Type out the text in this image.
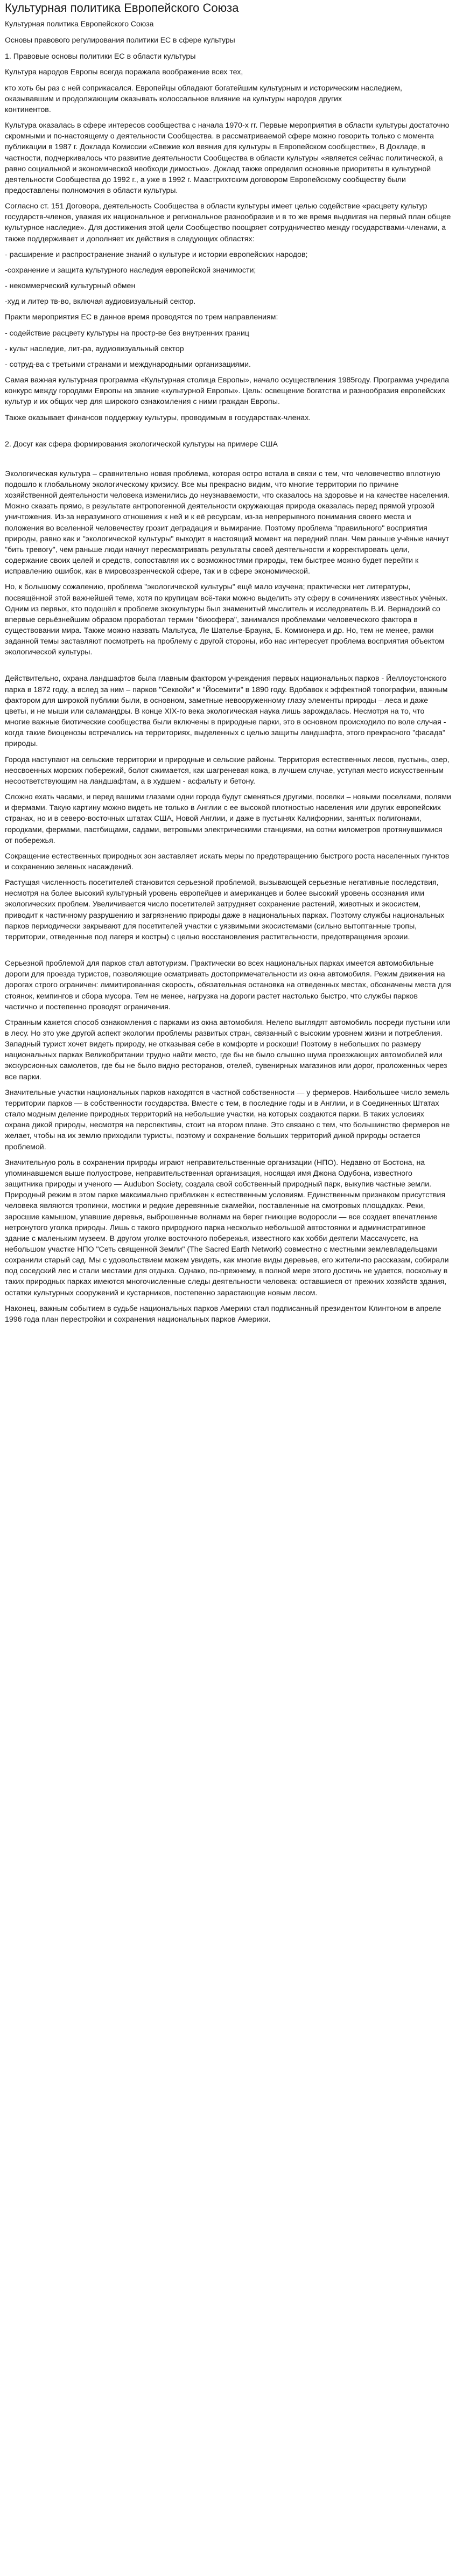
Культурная политика Европейского Союза

Культурная политика Европейского Союза

Основы правового регулирования политики ЕС в сфере культуры

1. Правовые основы политики ЕС в области культуры

Культура народов Европы всегда поражала воображение всех тех,

кто хоть бы раз с ней соприкасался. Европейцы обладают богатейшим культурным и историческим наследием, оказывавшим и продолжающим оказывать колоссальное влияние на культуры народов других

континентов.

Культура оказалась в сфере интересов сообщества с начала 1970-х гг. Первые мероприятия в области культуры достаточно скромными и по-настоящему о деятельности Сообщества. в рассматриваемой сфере можно говорить только с момента публикации в 1987 г. Доклада Комиссии «Свежие кол веяния для культуры в Европейском сообществе», В Докладе, в частности, подчеркивалось что развитие деятельности Сообщества в области культуры «является сейчас политической, а равно социальной и экономической необходи димостью». Доклад также определил основные приоритеты в культурной деятельности Сообщества до 1992 г., а уже в 1992 г. Маастрихтским договором Европейскому сообществу были предоставлены полномочия в области культуры.

Согласно ст. 151 Договора, деятельность Сообщества в области культуры имеет целью содействие «расцвету культур государств-членов, уважая их национальное и региональное разнообразие и в то же время выдвигая на первый план общее культурное наследие». Для достижения этой цели Сообщество поощряет сотрудничество между государствами-членами, а также поддерживает и дополняет их действия в следующих областях:

- расширение и распространение знаний о культуре и истории европейских народов;

-сохранение и защита культурного наследия европейской значимости;

- некоммерческий культурный обмен

-худ и литер тв-во, включая аудиовизуальный сектор.

Практи мероприятия ЕС в данное время проводятся по трем направлениям:

- содействие расцвету культуры на простр-ве без внутренних границ

- культ наследие, лит-ра, аудиовизуальный сектор

- сотруд-ва с третьими странами и международными организациями.

Самая важная культурная программа «Культурная столица Европы», начало осуществления 1985году. Программа учредила конкурс между городами Европы на звание «культурной Европы». Цель: освещение богатства и разнообразия европейских культур и их общих чер для широкого ознакомления с ними граждан Европы.

Также оказывает финансов поддержку культуры, проводимым в государствах-членах.

2. Досуг как сфера формирования экологической культуры на примере США

Экологическая культура – сравнительно новая проблема, которая остро встала в связи с тем, что человечество вплотную подошло к глобальному экологическому кризису. Все мы прекрасно видим, что многие территории по причине хозяйственной деятельности человека изменились до неузнаваемости, что сказалось на здоровье и на качестве населения. Можно сказать прямо, в результате антропогенной деятельности окружающая природа оказалась перед прямой угрозой уничтожения. Из-за неразумного отношения к ней и к её ресурсам, из-за непрерывного понимания своего места и положения во вселенной человечеству грозит деградация и вымирание. Поэтому проблема "правильного" восприятия природы, равно как и "экологической культуры" выходит в настоящий момент на передний план. Чем раньше учёные начнут "бить тревогу", чем раньше люди начнут пересматривать результаты своей деятельности и корректировать цели, содержание своих целей и средств, сопоставляя их с возможностями природы, тем быстрее можно будет перейти к исправлению ошибок, как в мировоззренческой сфере, так и в сфере экономической.

Но, к большому сожалению, проблема "экологической культуры" ещё мало изучена; практически нет литературы, посвящённой этой важнейшей теме, хотя по крупицам всё-таки можно выделить эту сферу в сочинениях известных учёных. Одним из первых, кто подошёл к проблеме экокультуры был знаменитый мыслитель и исследователь В.И. Вернадский со впервые серьёзнейшим образом проработал термин "биосфера", занимался проблемами человеческого фактора в существовании мира. Также можно назвать Мальтуса, Ле Шателье-Брауна, Б. Коммонера и др. Но, тем не менее, рамки заданной темы заставляют посмотреть на проблему с другой стороны, ибо нас интересует проблема восприятия объектом экологической культуры.

Действительно, охрана ландшафтов была главным фактором учреждения первых национальных парков - Йеллоустонского парка в 1872 году, а вслед за ним – парков "Секвойи" и "Йосемити" в 1890 году. Вдобавок к эффектной топографии, важным фактором для широкой публики были, в основном, заметные невооруженному глазу элементы природы – леса и даже цветы, и не мыши или саламандры. В конце XIX-го века экологическая наука лишь зарождалась. Несмотря на то, что многие важные биотические сообщества были включены в природные парки, это в основном происходило по воле случая - когда такие биоценозы встречались на территориях, выделенных с целью защиты ландшафта, этого прекрасного "фасада" природы.

Города наступают на сельские территории и природные и сельские районы. Территория естественных лесов, пустынь, озер, неосвоенных морских побережий, болот сжимается, как шагреневая кожа, в лучшем случае, уступая место искусственным несоответствующим на ландшафтам, а в худшем - асфальту и бетону.

Сложно ехать часами, и перед вашими глазами одни города будут сменяться другими, поселки – новыми поселками, полями и фермами. Такую картину можно видеть не только в Англии с ее высокой плотностью населения или других европейских странах, но и в северо-восточных штатах США, Новой Англии, и даже в пустынях Калифорнии, занятых полигонами, городками, фермами, пастбищами, садами, ветровыми электрическими станциями, на сотни километров протянувшимися от побережья.

Сокращение естественных природных зон заставляет искать меры по предотвращению быстрого роста населенных пунктов и сохранению зеленых насаждений.

Растущая численность посетителей становится серьезной проблемой, вызывающей серьезные негативные последствия, несмотря на более высокий культурный уровень европейцев и американцев и более высокий уровень осознания ими экологических проблем. Увеличивается число посетителей затрудняет сохранение растений, животных и экосистем, приводит к частичному разрушению и загрязнению природы даже в национальных парках. Поэтому службы национальных парков периодически закрывают для посетителей участки с уязвимыми экосистемами (сильно вытоптанные тропы, территории, отведенные под лагеря и костры) с целью восстановления растительности, предотвращения эрозии.

Серьезной проблемой для парков стал автотуризм. Практически во всех национальных парках имеется автомобильные дороги для проезда туристов, позволяющие осматривать достопримечательности из окна автомобиля. Режим движения на дорогах строго ограничен: лимитированная скорость, обязательная остановка на отведенных местах, обозначены места для стоянок, кемпингов и сбора мусора. Тем не менее, нагрузка на дороги растет настолько быстро, что службы парков частично и постепенно проводят ограничения.

Странным кажется способ ознакомления с парками из окна автомобиля. Нелепо выглядят автомобиль посреди пустыни или в лесу. Но это уже другой аспект экологии проблемы развитых стран, связанный с высоким уровнем жизни и потребления. Западный турист хочет видеть природу, не отказывая себе в комфорте и роскоши! Поэтому в небольших по размеру национальных парках Великобритании трудно найти место, где бы не было слышно шума проезжающих автомобилей или экскурсионных самолетов, где бы не было видно ресторанов, отелей, сувенирных магазинов или дорог, проложенных через все парки.

Значительные участки национальных парков находятся в частной собственности — у фермеров. Наибольшее число земель территории парков — в собственности государства. Вместе с тем, в последние годы и в Англии, и в Соединенных Штатах стало модным деление природных территорий на небольшие участки, на которых создаются парки. В таких условиях охрана дикой природы, несмотря на перспективы, стоит на втором плане. Это связано с тем, что большинство фермеров не желает, чтобы на их землю приходили туристы, поэтому и сохранение больших территорий дикой природы остается проблемой.

Значительную роль в сохранении природы играют неправительственные организации (НПО). Недавно от Бостона, на упоминавшемся выше полуострове, неправительственная организация, носящая имя Джона Одубона, известного защитника природы и ученого — Audubon Society, создала свой собственный природный парк, выкупив частные земли. Природный режим в этом парке максимально приближен к естественным условиям. Единственным признаком присутствия человека являются тропинки, мостики и редкие деревянные скамейки, поставленные на смотровых площадках. Реки, заросшие камышом, упавшие деревья, выброшенные волнами на берег гниющие водоросли — все создает впечатление нетронутого уголка природы. Лишь с такого природного парка несколько небольшой автостоянки и административное здание с маленьким музеем. В другом уголке восточного побережья, известного как хобби деятели Массачусетс, на небольшом участке НПО "Сеть священной Земли" (The Sacred Earth Network) совместно с местными землевладельцами сохранили старый сад. Мы с удовольствием можем увидеть, как многие виды деревьев, его жители-по рассказам, собирали под соседский лес и стали местами для отдыха. Однако, по-прежнему, в полной мере этого достичь не удается, поскольку в таких природных парках имеются многочисленные следы деятельности человека: оставшиеся от прежних хозяйств здания, остатки культурных сооружений и кустарников, постепенно зарастающие новым лесом.

Наконец, важным событием в судьбе национальных парков Америки стал подписанный президентом Клинтоном в апреле 1996 года план перестройки и сохранения национальных парков Америки.
